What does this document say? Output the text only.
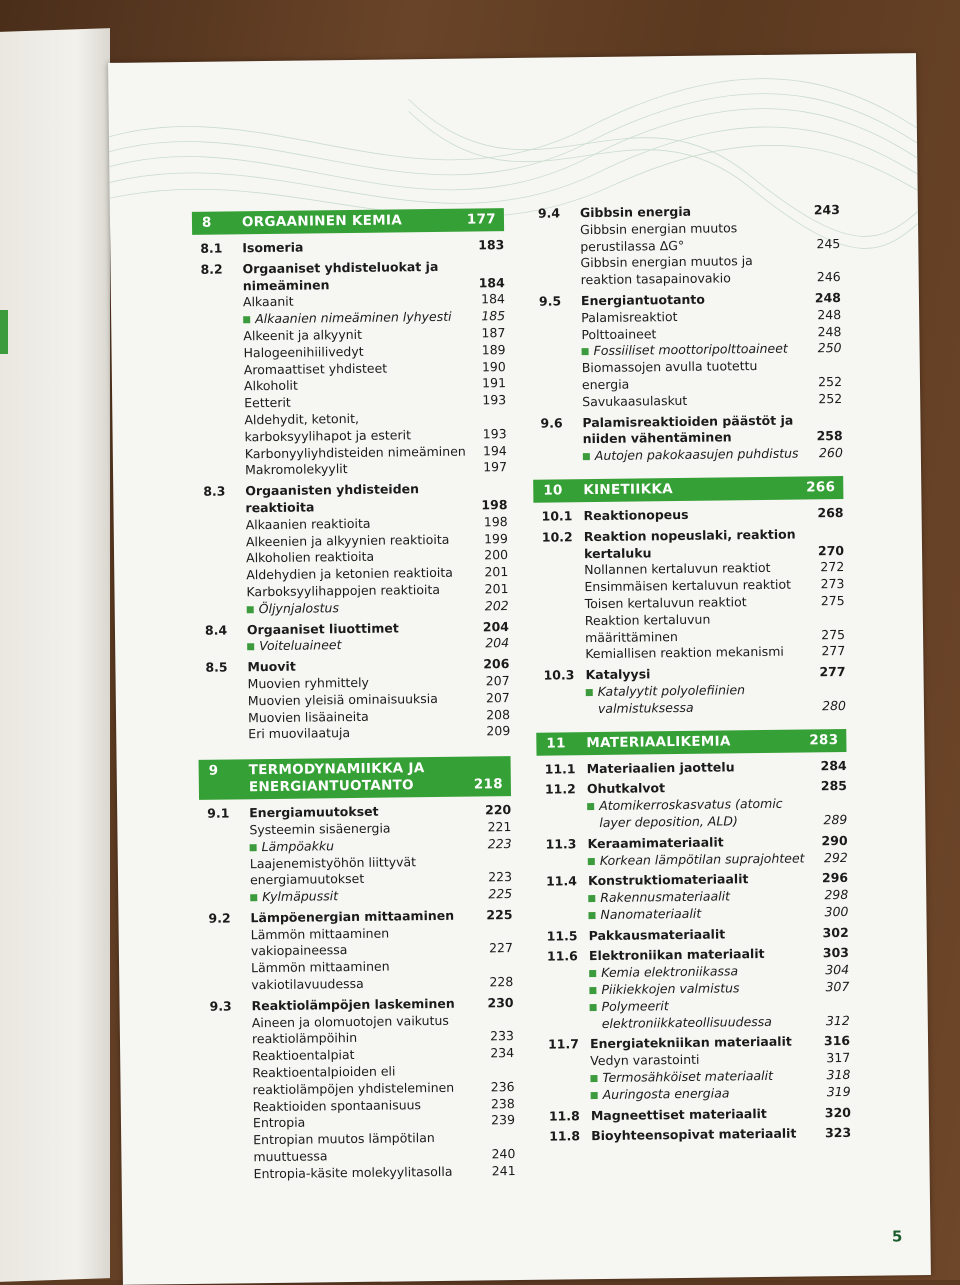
8 ORGAANINEN KEMIA	177
8.1 Isomeria	183
8.2 Orgaaniset yhdisteluokat ja nimeäminen	184
Alkaanit	184
Alkaanien nimeäminen lyhyesti	185
Alkeenit ja alkyynit	187
Halogeenihiilivedyt	189
Aromaattiset yhdisteet	190
Alkoholit	191
Eetterit	193
Aldehydit, ketonit, karboksyylihapot ja esterit	193
Karbonyyliyhdisteiden nimeäminen	194
Makromolekyylit	197
8.3 Orgaanisten yhdisteiden reaktioita	198
Alkaanien reaktioita	198
Alkeenien ja alkyynien reaktioita	199
Alkoholien reaktioita	200
Aldehydien ja ketonien reaktioita	201
Karboksyylihappojen reaktioita	201
Öljynjalostus	202
8.4 Orgaaniset liuottimet	204
Voiteluaineet	204
8.5 Muovit	206
Muovien ryhmittely	207
Muovien yleisiä ominaisuuksia	207
Muovien lisäaineita	208
Eri muovilaatuja	209
9 TERMODYNAMIIKKA JA ENERGIANTUOTANTO	218
9.1 Energiamuutokset	220
Systeemin sisäenergia	221
Lämpöakku	223
Laajenemistyöhön liittyvät energiamuutokset	223
Kylmäpussit	225
9.2 Lämpöenergian mittaaminen	225
Lämmön mittaaminen vakiopaineessa	227
Lämmön mittaaminen vakiotilavuudessa	228
9.3 Reaktiolämpöjen laskeminen	230
Aineen ja olomuotojen vaikutus reaktiolämpöihin	233
Reaktioentalpiat	234
Reaktioentalpioiden eli reaktiolämpöjen yhdisteleminen	236
Reaktioiden spontaanisuus	238
Entropia	239
Entropian muutos lämpötilan muuttuessa	240
Entropia-käsite molekyylitasolla	241
9.4 Gibbsin energia	243
Gibbsin energian muutos perustilassa ΔG°	245
Gibbsin energian muutos ja reaktion tasapainovakio	246
9.5 Energiantuotanto	248
Palamisreaktiot	248
Polttoaineet	248
Fossiiliset moottoripolttoaineet	250
Biomassojen avulla tuotettu energia	252
Savukaasulaskut	252
9.6 Palamisreaktioiden päästöt ja niiden vähentäminen	258
Autojen pakokaasujen puhdistus	260
10 KINETIIKKA	266
10.1 Reaktionopeus	268
10.2 Reaktion nopeuslaki, reaktion kertaluku	270
Nollannen kertaluvun reaktiot	272
Ensimmäisen kertaluvun reaktiot	273
Toisen kertaluvun reaktiot	275
Reaktion kertaluvun määrittäminen	275
Kemiallisen reaktion mekanismi	277
10.3 Katalyysi	277
Katalyytit polyolefiinien valmistuksessa	280
11 MATERIAALIKEMIA	283
11.1 Materiaalien jaottelu	284
11.2 Ohutkalvot	285
Atomikerroskasvatus (atomic layer deposition, ALD)	289
11.3 Keraamimateriaalit	290
Korkean lämpötilan suprajohteet	292
11.4 Konstruktiomateriaalit	296
Rakennusmateriaalit	298
Nanomateriaalit	300
11.5 Pakkausmateriaalit	302
11.6 Elektroniikan materiaalit	303
Kemia elektroniikassa	304
Piikiekkojen valmistus	307
Polymeerit elektroniikkateollisuudessa	312
11.7 Energiatekniikan materiaalit	316
Vedyn varastointi	317
Termosähköiset materiaalit	318
Auringosta energiaa	319
11.8 Magneettiset materiaalit	320
11.8 Bioyhteensopivat materiaalit	323
5
